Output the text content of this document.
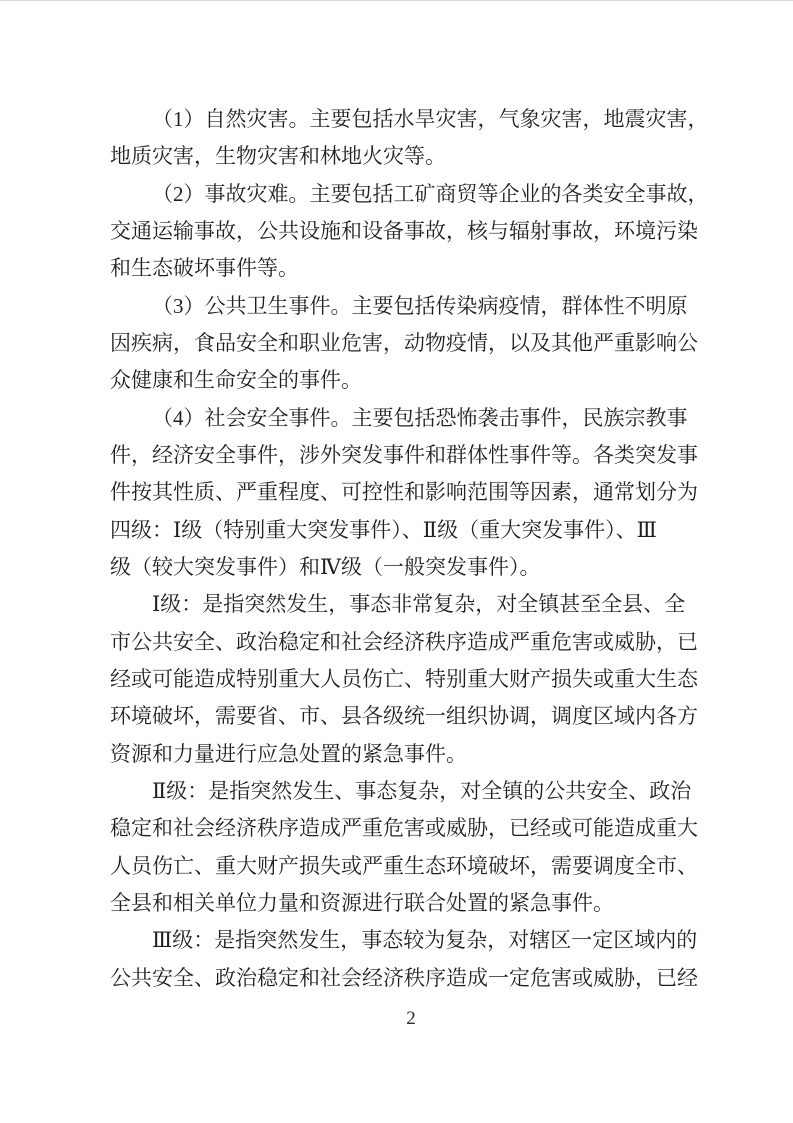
（1）自然灾害。主要包括水旱灾害，气象灾害，地震灾害，
地质灾害，生物灾害和林地火灾等。
（2）事故灾难。主要包括工矿商贸等企业的各类安全事故，
交通运输事故，公共设施和设备事故，核与辐射事故，环境污染
和生态破坏事件等。
（3）公共卫生事件。主要包括传染病疫情，群体性不明原
因疾病，食品安全和职业危害，动物疫情，以及其他严重影响公
众健康和生命安全的事件。
（4）社会安全事件。主要包括恐怖袭击事件，民族宗教事
件，经济安全事件，涉外突发事件和群体性事件等。各类突发事
件按其性质、严重程度、可控性和影响范围等因素，通常划分为
四级：Ⅰ级（特别重大突发事件）、Ⅱ级（重大突发事件）、Ⅲ
级（较大突发事件）和Ⅳ级（一般突发事件）。
Ⅰ级：是指突然发生，事态非常复杂，对全镇甚至全县、全
市公共安全、政治稳定和社会经济秩序造成严重危害或威胁，已
经或可能造成特别重大人员伤亡、特别重大财产损失或重大生态
环境破坏，需要省、市、县各级统一组织协调，调度区域内各方
资源和力量进行应急处置的紧急事件。
Ⅱ级：是指突然发生、事态复杂，对全镇的公共安全、政治
稳定和社会经济秩序造成严重危害或威胁，已经或可能造成重大
人员伤亡、重大财产损失或严重生态环境破坏，需要调度全市、
全县和相关单位力量和资源进行联合处置的紧急事件。
Ⅲ级：是指突然发生，事态较为复杂，对辖区一定区域内的
公共安全、政治稳定和社会经济秩序造成一定危害或威胁，已经
2
